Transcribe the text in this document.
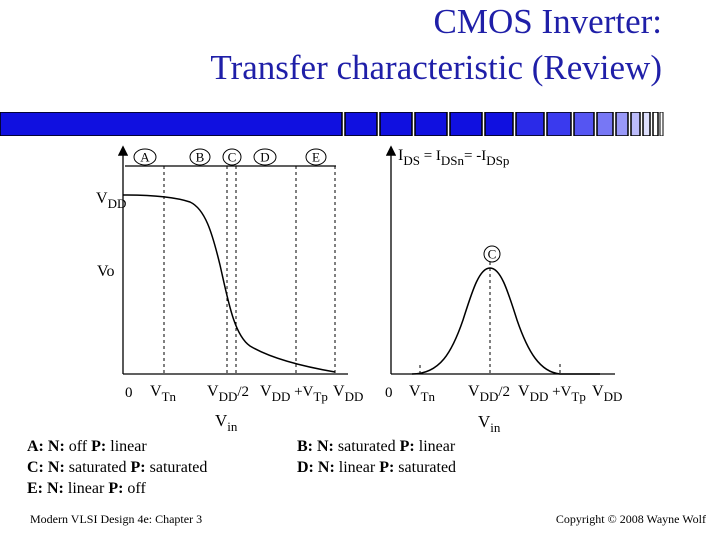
CMOS Inverter:
Transfer characteristic (Review)
A	B C D	E
$V_{DD}$
Vo
0 $V_{Tn}$ $V_{DD}/2$ $V_{DD} +V_{Tp}$ $V_{DD}$
$V_{in}$
$I_{DS} = I_{DSn}= -I_{DSp}$
C
0 $V_{Tn}$ $V_{DD}/2$ $V_{DD} +V_{Tp}$ $V_{DD}$
$V_{in}$
A: N: off P: linear
C: N: saturated P: saturated
E: N: linear P: off
B: N: saturated P: linear
D: N: linear P: saturated
Modern VLSI Design 4e: Chapter 3	Copyright © 2008 Wayne Wolf
